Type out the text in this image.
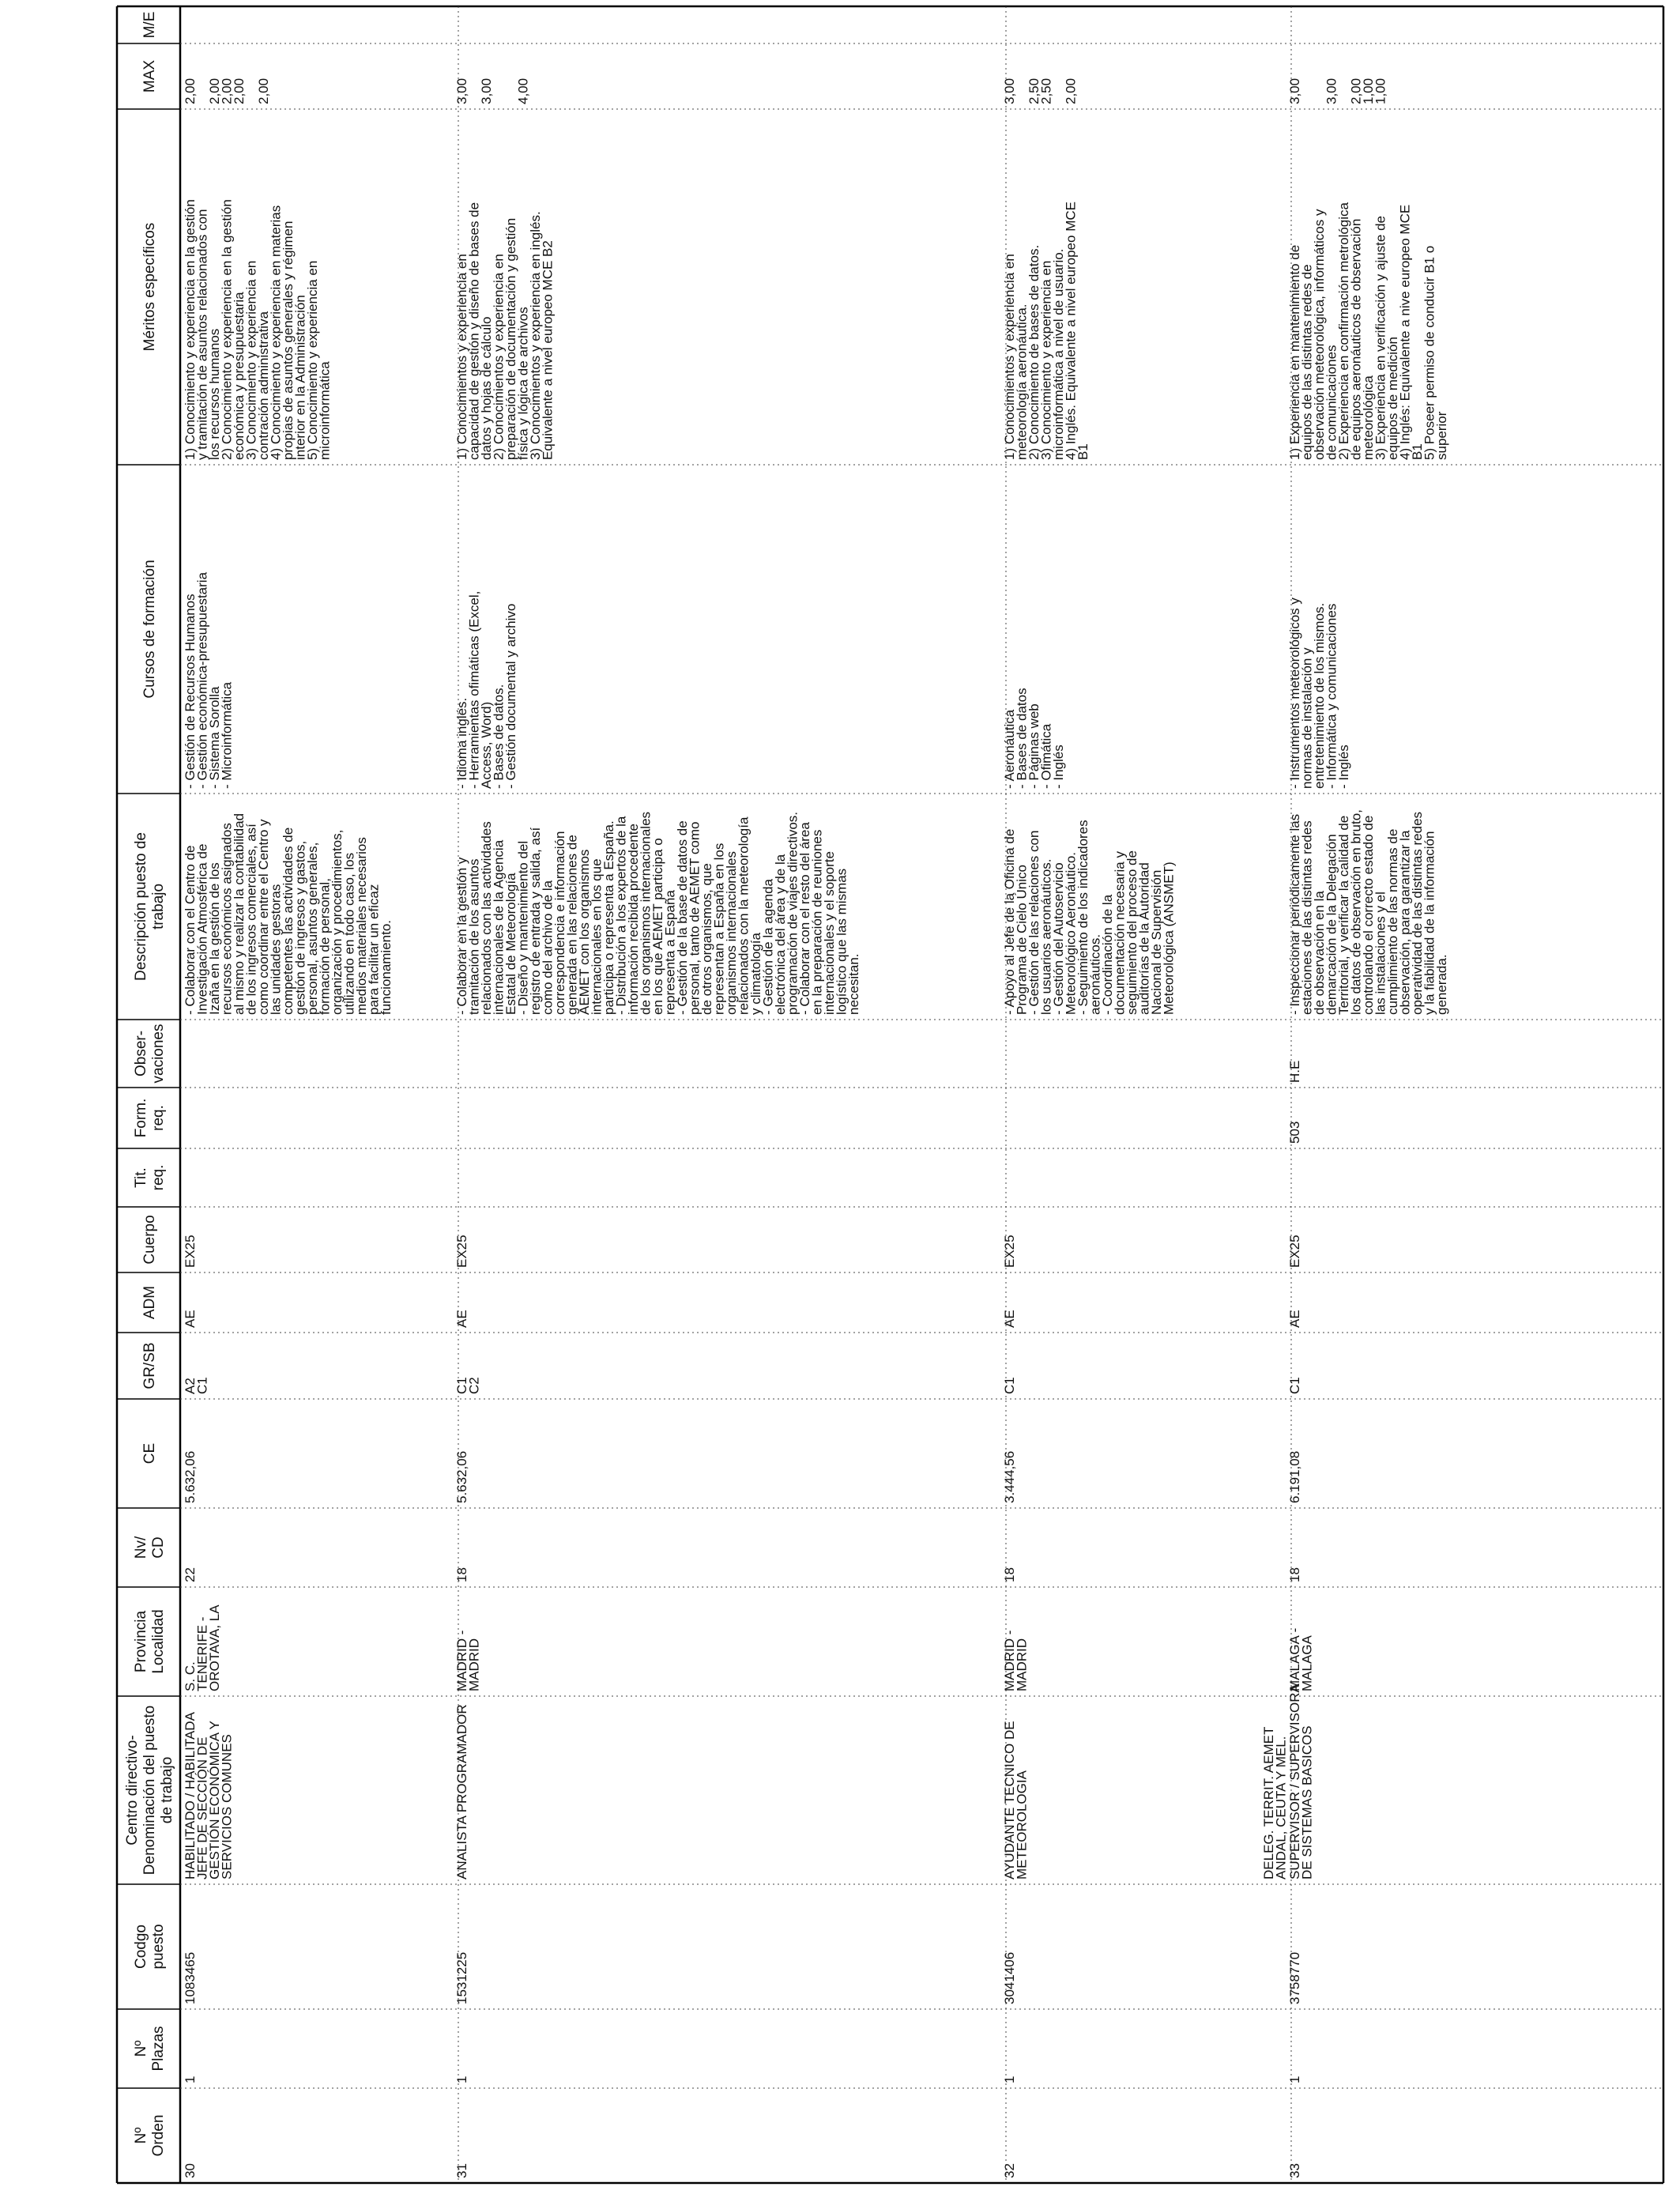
Nº Orden
Nº Plazas
Codgo puesto
Centro directivo- Denominación del puesto de trabajo
Provincia Localidad
Nv/ CD
CE
GR/SB
ADM
Cuerpo
Tit. req.
Form. req.
Obser- vaciones
Descripción puesto de trabajo
Cursos de formación
Méritos específicos
MAX
M/E
30
1
1083465
HABILITADO / HABILITADA
JEFE DE SECCIÓN DE
GESTIÓN ECONÓMICA Y
SERVICIOS COMUNES
S. C.
TENERIFE -
OROTAVA, LA
22
5.632,06
A2
C1
AE
EX25
- Colaborar con el Centro de
Investigación Atmosférica de
Izaña en la gestión de los
recursos económicos asignados
al mismo y realizar la contabilidad
de los ingresos comerciales, así
como coordinar entre el Centro y
las unidades gestoras
competentes las actividades de
gestión de ingresos y gastos,
personal, asuntos generales,
formación de personal,
organización y procedimientos,
utilizando en todo caso, los
medios materiales necesarios
para facilitar un eficaz
funcionamiento.
- Gestión de Recursos Humanos
- Gestión económica-presupuestaria
- Sistema Sorolla
- Microinformática
1) Conocimiento y experiencia en la gestión
y tramitación de asuntos relacionados con
los recursos humanos
2) Conocimiento y experiencia en la gestión
económica y presupuestaria
3) Conocimiento y experiencia en
contración administrativa
4) Conocimiento y experiencia en materias
propias de asuntos generales y régimen
interior en la Administración
5) Conocimiento y experiencia en
microinformática
2,00 2,00
2,00
2,00 2,00
31
1
1531225
ANALISTA PROGRAMADOR
MADRID -
MADRID
18
5.632,06
C1
C2
AE
EX25
- Colaborar en la gestión y
tramitación de los asuntos
relacionados con las actividades
internacionales de la Agencia
Estatal de Meteorología
- Diseño y mantenimiento del
registro de entrada y salida, así
como del archivo de la
correspondencia e información
generada en las relaciones de
AEMET con los organismos
internacionales en los que
participa o representa a España.
- Distribución a los expertos de la
información recibida procedente
de los organismos internacionales
en los que AEMET participa o
representa a España
- Gestión de la base de datos de
personal, tanto de AEMET como
de otros organismos, que
representan a España en los
organismos internacionales
relacionados con la meteorología
y climatología
- Gestión de la agenda
electrónica del área y de la
programación de viajes directivos.
- Colaborar con el resto del área
en la preparación de reuniones
internacionales y el soporte
logístico que las mismas
necesitan.
- Idioma inglés.
- Herramientas ofimáticas (Excel,
Access, Word)
- Bases de datos.
- Gestión documental y archivo
1) Conocimientos y experiencia en
capacidad de gestión y diseño de bases de
datos y hojas de cálculo
2) Conocimientos y experiencia en
preparación de documentación y gestión
física y lógica de archivos
3) Conocimientos y experiencia en inglés.
Equivalente a nivel europeo MCE B2
3,00 3,00 4,00
32
1
3041406
AYUDANTE TECNICO DE
METEOROLOGIA
MADRID -
MADRID
18
3.444,56
C1
AE
EX25
- Apoyo al Jefe de la Oficina de
Programa de Cielo Único
- Gestión de las relaciones con
los usuarios aeronáuticos.
- Gestión del Autoservicio
Meteorológico Aeronáutico.
- Seguimiento de los indicadores
aeronáuticos.
- Coordinación de la
documentación necesaria y
seguimiento del proceso de
auditorías de la Autoridad
Nacional de Supervisión
Meteorológica (ANSMET)
- Aeronáutica
- Bases de datos
- Páginas web
- Ofimática
- Inglés
1) Conocimientos y experiencia en
meteorología aeronáutica.
2) Conocimiento de bases de datos.
3) Conocimiento y experiencia en
microinformática a nivel de usuario.
4) Inglés. Equivalente a nivel europeo MCE
B1
3,00 2,50
2,50 2,00
33
1
3758770
DELEG. TERRIT. AEMET
ANDAL, CEUTA Y MEL.
SUPERVISOR / SUPERVISORA
DE SISTEMAS BASICOS
MALAGA -
MALAGA
18
6.191,08
C1
AE
EX25
503
H.E
- Inspeccionar periódicamente las
estaciones de las distintas redes
de observación en la
demarcación de la Delegación
Territorial, y verificar la calidad de
los datos de observación en bruto,
controlando el correcto estado de
las instalaciones y el
cumplimiento de las normas de
observación, para garantizar la
operatividad de las distintas redes
y la fiabilidad de la información
generada.
- Instrumentos meteorológicos y
normas de instalación y
entretenimiento de los mismos.
- Informática y comunicaciones
- Inglés
1) Experiencia en mantenimiento de
equipos de las distintas redes de
observación meteorológica, informáticos y
de comunicaciones
2) Experiencia en confirmación metrológica
de equipos aeronáuticos de observación
meteorológica
3) Experiencia en verificación y ajuste de
equipos de medición
4) Inglés: Equivalente a nive europeo MCE
B1
5) Poseer permiso de conducir B1 o
superior
3,00 3,00 2,00
1,00
1,00
